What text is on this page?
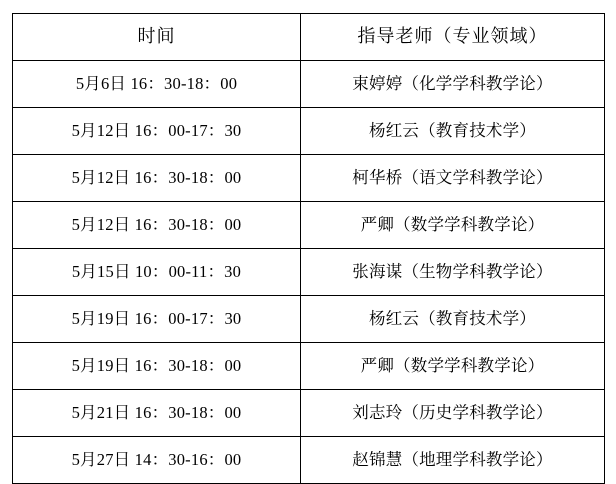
时间	指导老师（专业领域）
5月6日 16：30-18：00	束婷婷（化学学科教学论）
5月12日 16：00-17：30	杨红云（教育技术学）
5月12日 16：30-18：00	柯华桥（语文学科教学论）
5月12日 16：30-18：00	严卿（数学学科教学论）
5月15日 10：00-11：30	张海谋（生物学科教学论）
5月19日 16：00-17：30	杨红云（教育技术学）
5月19日 16：30-18：00	严卿（数学学科教学论）
5月21日 16：30-18：00	刘志玲（历史学科教学论）
5月27日 14：30-16：00	赵锦慧（地理学科教学论）
